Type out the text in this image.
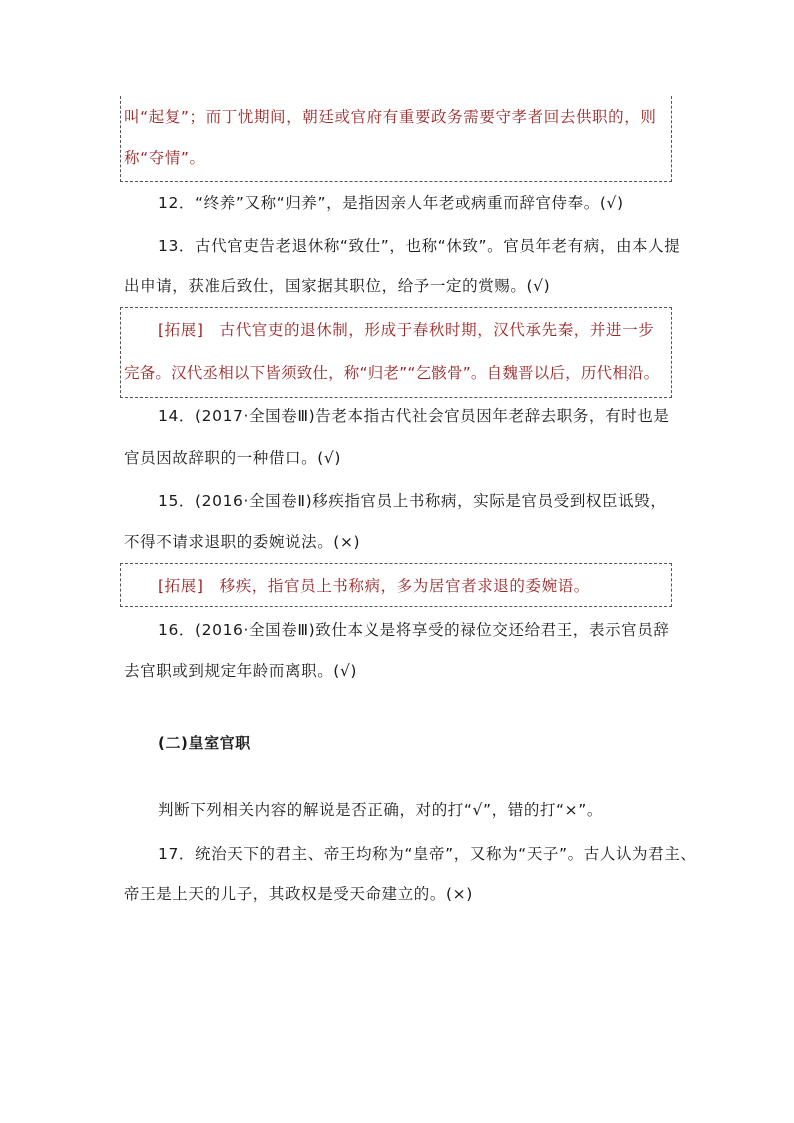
叫“起复”；而丁忧期间，朝廷或官府有重要政务需要守孝者回去供职的，则
称“夺情”。
12．“终养”又称“归养”，是指因亲人年老或病重而辞官侍奉。(√)
13．古代官吏告老退休称“致仕”，也称“休致”。官员年老有病，由本人提
出申请，获准后致仕，国家据其职位，给予一定的赏赐。(√)
[拓展]　古代官吏的退休制，形成于春秋时期，汉代承先秦，并进一步
完备。汉代丞相以下皆须致仕，称“归老”“乞骸骨”。自魏晋以后，历代相沿。
14．(2017·全国卷Ⅲ)告老本指古代社会官员因年老辞去职务，有时也是
官员因故辞职的一种借口。(√)
15．(2016·全国卷Ⅱ)移疾指官员上书称病，实际是官员受到权臣诋毁，
不得不请求退职的委婉说法。(×)
[拓展]　移疾，指官员上书称病，多为居官者求退的委婉语。
16．(2016·全国卷Ⅲ)致仕本义是将享受的禄位交还给君王，表示官员辞
去官职或到规定年龄而离职。(√)
(二)皇室官职
判断下列相关内容的解说是否正确，对的打“√”，错的打“×”。
17．统治天下的君主、帝王均称为“皇帝”，又称为“天子”。古人认为君主、
帝王是上天的儿子，其政权是受天命建立的。(×)
